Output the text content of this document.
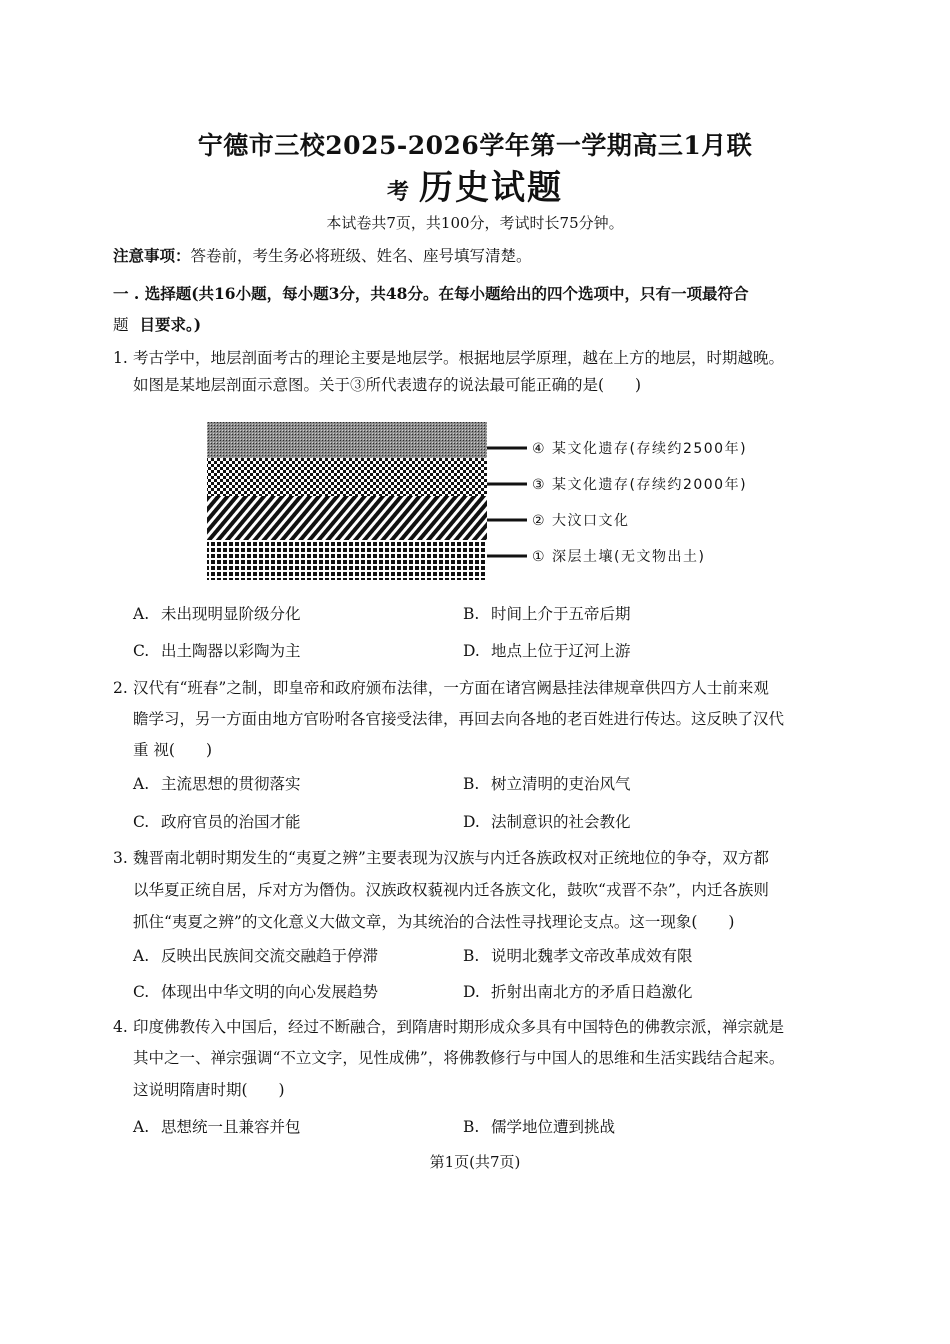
宁德市三校2025-2026学年第一学期高三1月联
考 历史试题
本试卷共7页，共100分，考试时长75分钟。
注意事项：答卷前，考生务必将班级、姓名、座号填写清楚。
一 . 选择题(共16小题，每小题3分，共48分。在每小题给出的四个选项中，只有一项最符合
题 目要求。)
1. 考古学中，地层剖面考古的理论主要是地层学。根据地层学原理，越在上方的地层，时期越晚。
如图是某地层剖面示意图。关于③所代表遗存的说法最可能正确的是(　　)
④ 某文化遗存(存续约2500年)
③ 某文化遗存(存续约2000年)
② 大汶口文化
① 深层土壤(无文物出土)
A. 未出现明显阶级分化	B. 时间上介于五帝后期
C. 出土陶器以彩陶为主	D. 地点上位于辽河上游
2. 汉代有“班春”之制，即皇帝和政府颁布法律，一方面在诸宫阙悬挂法律规章供四方人士前来观
瞻学习，另一方面由地方官吩咐各官接受法律，再回去向各地的老百姓进行传达。这反映了汉代
重 视(　　)
A. 主流思想的贯彻落实	B. 树立清明的吏治风气
C. 政府官员的治国才能	D. 法制意识的社会教化
3. 魏晋南北朝时期发生的“夷夏之辨”主要表现为汉族与内迁各族政权对正统地位的争夺，双方都
以华夏正统自居，斥对方为僭伪。汉族政权藐视内迁各族文化，鼓吹“戎晋不杂”，内迁各族则
抓住“夷夏之辨”的文化意义大做文章，为其统治的合法性寻找理论支点。这一现象(　　)
A. 反映出民族间交流交融趋于停滞	B. 说明北魏孝文帝改革成效有限
C. 体现出中华文明的向心发展趋势	D. 折射出南北方的矛盾日趋激化
4. 印度佛教传入中国后，经过不断融合，到隋唐时期形成众多具有中国特色的佛教宗派，禅宗就是
其中之一、禅宗强调“不立文字，见性成佛”，将佛教修行与中国人的思维和生活实践结合起来。
这说明隋唐时期(　　)
A. 思想统一且兼容并包	B. 儒学地位遭到挑战
第1页(共7页)
